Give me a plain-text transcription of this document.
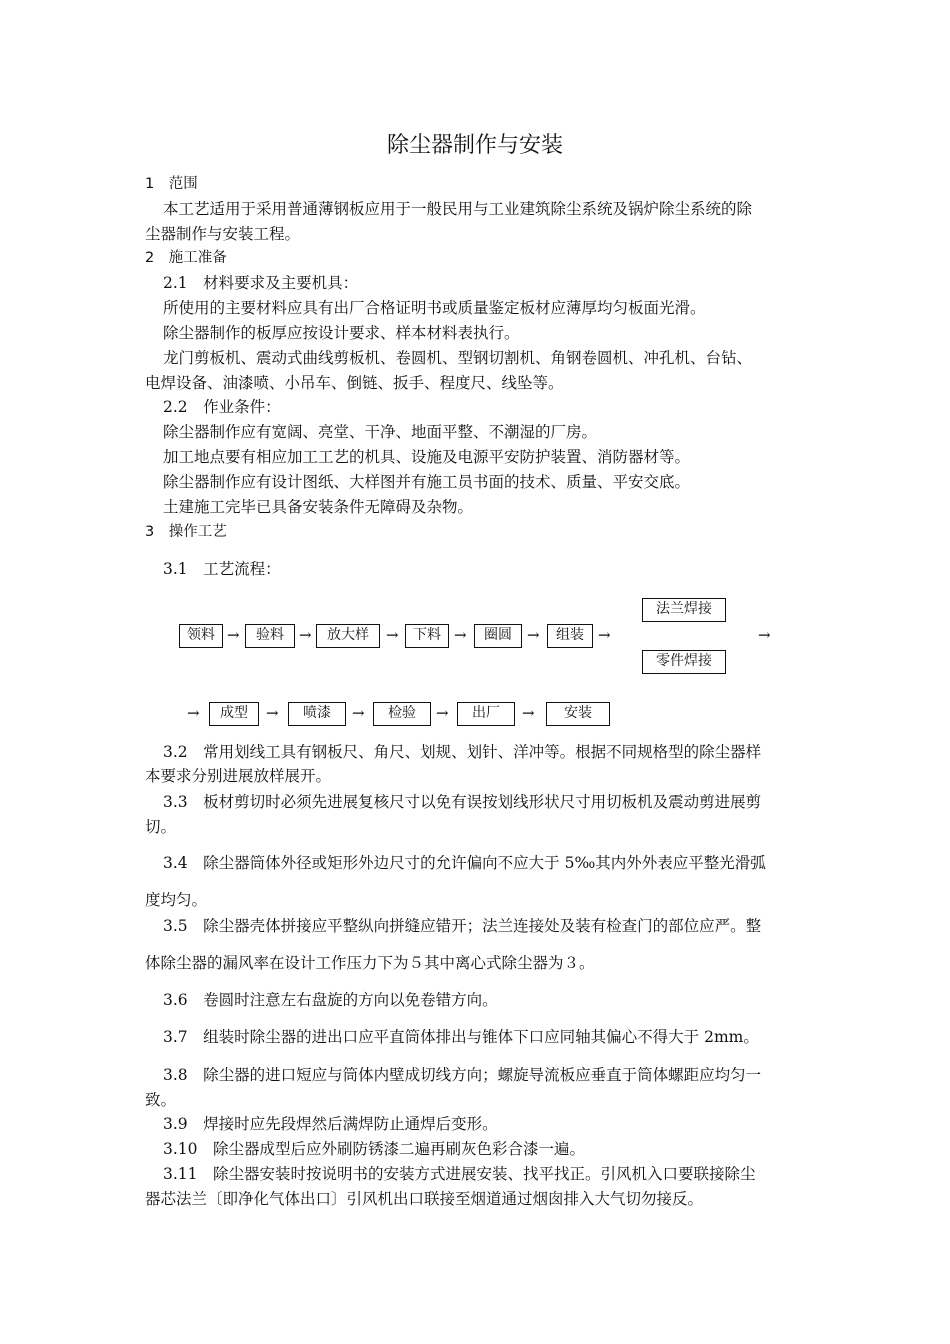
除尘器制作与安装
1　范围
本工艺适用于采用普通薄钢板应用于一般民用与工业建筑除尘系统及锅炉除尘系统的除
尘器制作与安装工程。
2　施工准备
2.1　材料要求及主要机具：
所使用的主要材料应具有出厂合格证明书或质量鉴定板材应薄厚均匀板面光滑。
除尘器制作的板厚应按设计要求、样本材料表执行。
龙门剪板机、震动式曲线剪板机、卷圆机、型钢切割机、角钢卷圆机、冲孔机、台钻、
电焊设备、油漆喷、小吊车、倒链、扳手、程度尺、线坠等。
2.2　作业条件：
除尘器制作应有宽阔、亮堂、干净、地面平整、不潮湿的厂房。
加工地点要有相应加工工艺的机具、设施及电源平安防护装置、消防器材等。
除尘器制作应有设计图纸、大样图并有施工员书面的技术、质量、平安交底。
土建施工完毕已具备安装条件无障碍及杂物。
3　操作工艺
3.1　工艺流程：
领料 →	验料	→	放大样	→	下料 →	圈圆	→	组装 →
法兰焊接
零件焊接
→
→	成型	→	喷漆	→	检验	→	出厂	→	安装
3.2　常用划线工具有钢板尺、角尺、划规、划针、洋冲等。根据不同规格型的除尘器样
本要求分别进展放样展开。
3.3　板材剪切时必须先进展复核尺寸以免有误按划线形状尺寸用切板机及震动剪进展剪
切。
3.4　除尘器筒体外径或矩形外边尺寸的允许偏向不应大于 5‰其内外外表应平整光滑弧
度均匀。
3.5　除尘器壳体拼接应平整纵向拼缝应错开；法兰连接处及装有检查门的部位应严。整
体除尘器的漏风率在设计工作压力下为５其中离心式除尘器为３。
3.6　卷圆时注意左右盘旋的方向以免卷错方向。
3.7　组装时除尘器的进出口应平直筒体排出与锥体下口应同轴其偏心不得大于 2mm。
3.8　除尘器的进口短应与筒体内壁成切线方向；螺旋导流板应垂直于筒体螺距应均匀一
致。
3.9　焊接时应先段焊然后满焊防止通焊后变形。
3.10　除尘器成型后应外刷防锈漆二遍再刷灰色彩合漆一遍。
3.11　除尘器安装时按说明书的安装方式进展安装、找平找正。引风机入口要联接除尘
器芯法兰〔即净化气体出口〕引风机出口联接至烟道通过烟囱排入大气切勿接反。
